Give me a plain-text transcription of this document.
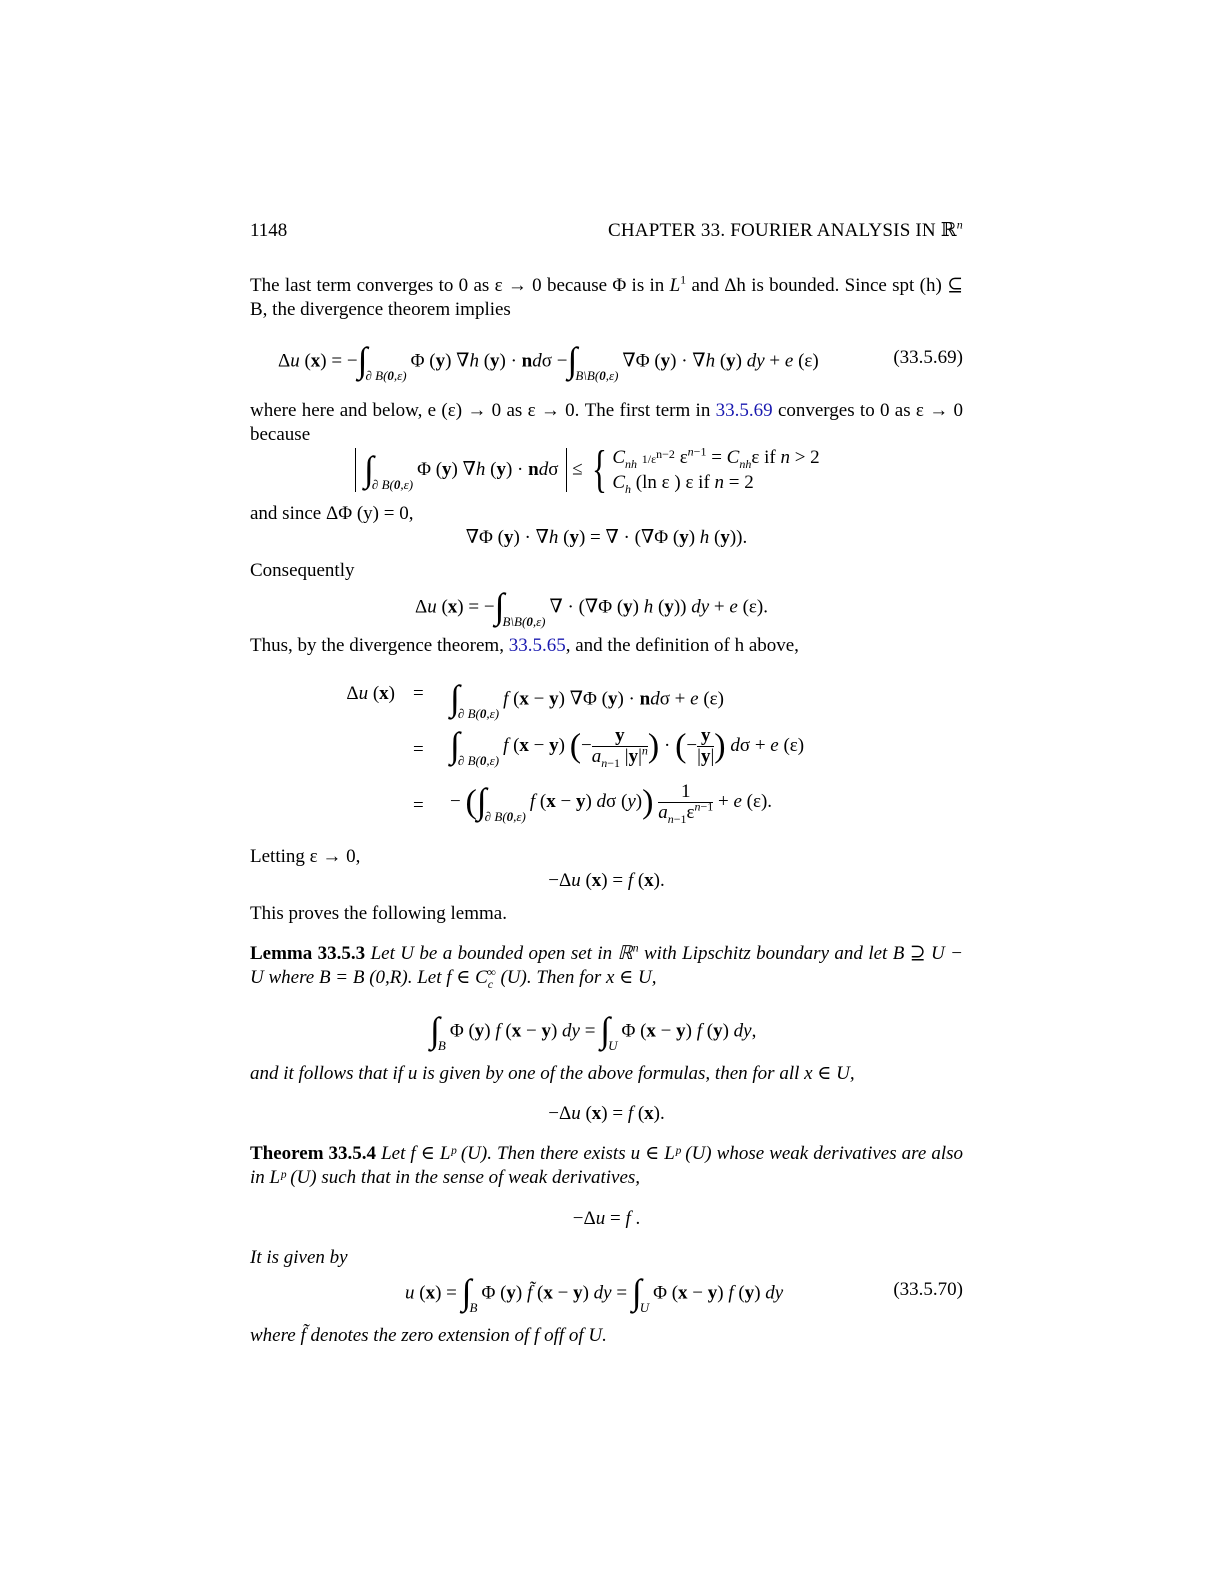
1148	CHAPTER 33. FOURIER ANALYSIS IN ℝ$^n$

The last term converges to 0 as ε → 0 because Φ is in $L^1$ and Δh is bounded. Since spt (h) ⊆ B, the divergence theorem implies

Δu (x) = −∫∂ B(0,ε)Φ (y) ∇h (y) · ndσ −∫B\B(0,ε)∇Φ (y) · ∇h (y) dy + e (ε)	(33.5.69)

where here and below, e (ε) → 0 as ε → 0. The first term in 33.5.69 converges to 0 as ε → 0 because

∫∂ B(0,ε)Φ (y) ∇h (y) · ndσ ≤ { $C_{nh}$ $1/\varepsilon^{n-2}$ $\varepsilon^{n-1} = C_{nh}\varepsilon$ if n > 2
$C_h$ (ln ε ) ε if n = 2

and since ΔΦ (y) = 0,

∇Φ (y) · ∇h (y) = ∇ · (∇Φ (y) h (y)).

Consequently

Δu (x) = −∫B\B(0,ε)∇ · (∇Φ (y) h (y)) dy + e (ε).

Thus, by the divergence theorem, 33.5.65, and the definition of h above,

Δu (x) = ∫∂ B(0,ε)f (x − y) ∇Φ (y) · ndσ + e (ε)
= ∫∂ B(0,ε)f (x − y) (− $\frac{y}{a_{n-1} |y|^n}$ ) · (− $\frac{y}{|y|}$ ) dσ + e (ε)
= − (∫∂ B(0,ε)f (x − y) dσ $(y)) \frac{1}{a_{n-1}\varepsilon^{n-1}} + e$ (ε).

Letting ε → 0,

−Δu (x) = f (x).

This proves the following lemma.

Lemma 33.5.3 Let U be a bounded open set in ℝ$^n$ with Lipschitz boundary and let B ⊇ U − U where B = B (0,R). Let f ∈ $C_c^\infty$ (U). Then for x ∈ U,

∫BΦ (y) f (x − y) dy = ∫UΦ (x − y) f (y) dy,

and it follows that if u is given by one of the above formulas, then for all x ∈ U,

−Δu (x) = f (x).

Theorem 33.5.4 Let f ∈ Lᵖ (U). Then there exists u ∈ Lᵖ (U) whose weak derivatives are also in Lᵖ (U) such that in the sense of weak derivatives,

−Δu = f .

It is given by

u (x) = ∫BΦ (y) f̃ (x − y) dy = ∫UΦ (x − y) f (y) dy	(33.5.70)

where f̃ denotes the zero extension of f off of U.
